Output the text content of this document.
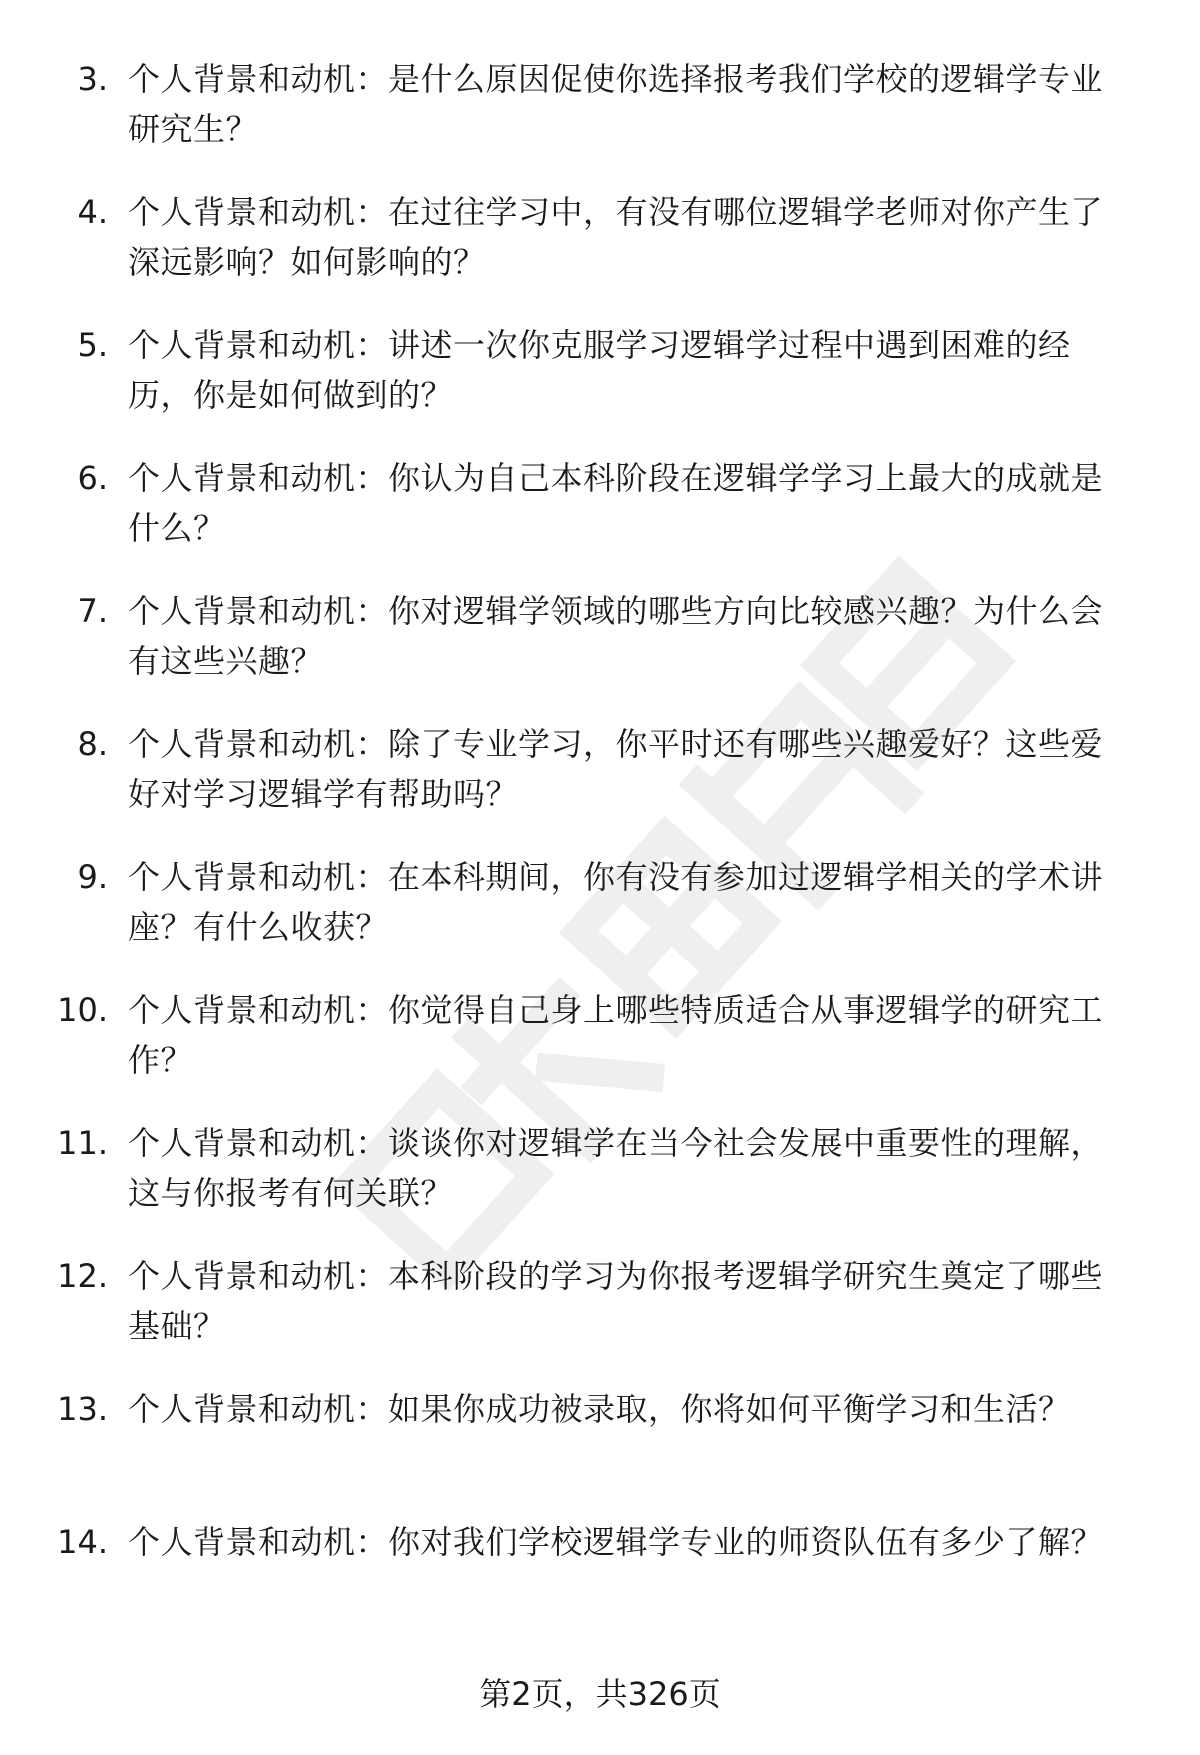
3. 个人背景和动机：是什么原因促使你选择报考我们学校的逻辑学专业研究生？
4. 个人背景和动机：在过往学习中，有没有哪位逻辑学老师对你产生了深远影响？如何影响的？
5. 个人背景和动机：讲述一次你克服学习逻辑学过程中遇到困难的经历，你是如何做到的？
6. 个人背景和动机：你认为自己本科阶段在逻辑学学习上最大的成就是什么？
7. 个人背景和动机：你对逻辑学领域的哪些方向比较感兴趣？为什么会有这些兴趣？
8. 个人背景和动机：除了专业学习，你平时还有哪些兴趣爱好？这些爱好对学习逻辑学有帮助吗？
9. 个人背景和动机：在本科期间，你有没有参加过逻辑学相关的学术讲座？有什么收获？
10. 个人背景和动机：你觉得自己身上哪些特质适合从事逻辑学的研究工作？
11. 个人背景和动机：谈谈你对逻辑学在当今社会发展中重要性的理解，这与你报考有何关联？
12. 个人背景和动机：本科阶段的学习为你报考逻辑学研究生奠定了哪些基础？
13. 个人背景和动机：如果你成功被录取，你将如何平衡学习和生活？
14. 个人背景和动机：你对我们学校逻辑学专业的师资队伍有多少了解？
第2页，共326页
